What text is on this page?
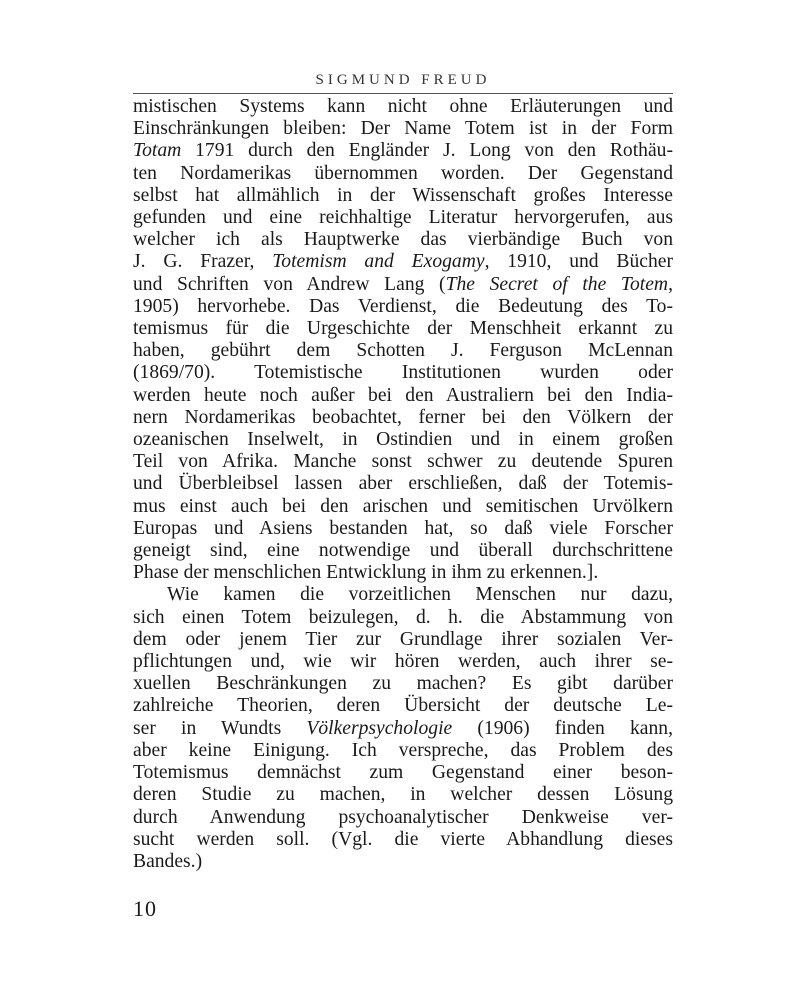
SIGMUND FREUD
mistischen Systems kann nicht ohne Erläuterungen und
Einschränkungen bleiben: Der Name Totem ist in der Form
Totam 1791 durch den Engländer J. Long von den Rothäu-
ten Nordamerikas übernommen worden. Der Gegenstand
selbst hat allmählich in der Wissenschaft großes Interesse
gefunden und eine reichhaltige Literatur hervorgerufen, aus
welcher ich als Hauptwerke das vierbändige Buch von
J. G. Frazer, Totemism and Exogamy, 1910, und Bücher
und Schriften von Andrew Lang (The Secret of the Totem,
1905) hervorhebe. Das Verdienst, die Bedeutung des To-
temismus für die Urgeschichte der Menschheit erkannt zu
haben, gebührt dem Schotten J. Ferguson McLennan
(1869/70). Totemistische Institutionen wurden oder
werden heute noch außer bei den Australiern bei den India-
nern Nordamerikas beobachtet, ferner bei den Völkern der
ozeanischen Inselwelt, in Ostindien und in einem großen
Teil von Afrika. Manche sonst schwer zu deutende Spuren
und Überbleibsel lassen aber erschließen, daß der Totemis-
mus einst auch bei den arischen und semitischen Urvölkern
Europas und Asiens bestanden hat, so daß viele Forscher
geneigt sind, eine notwendige und überall durchschrittene
Phase der menschlichen Entwicklung in ihm zu erkennen.].
Wie kamen die vorzeitlichen Menschen nur dazu,
sich einen Totem beizulegen, d. h. die Abstammung von
dem oder jenem Tier zur Grundlage ihrer sozialen Ver-
pflichtungen und, wie wir hören werden, auch ihrer se-
xuellen Beschränkungen zu machen? Es gibt darüber
zahlreiche Theorien, deren Übersicht der deutsche Le-
ser in Wundts Völkerpsychologie (1906) finden kann,
aber keine Einigung. Ich verspreche, das Problem des
Totemismus demnächst zum Gegenstand einer beson-
deren Studie zu machen, in welcher dessen Lösung
durch Anwendung psychoanalytischer Denkweise ver-
sucht werden soll. (Vgl. die vierte Abhandlung dieses
Bandes.)
10
